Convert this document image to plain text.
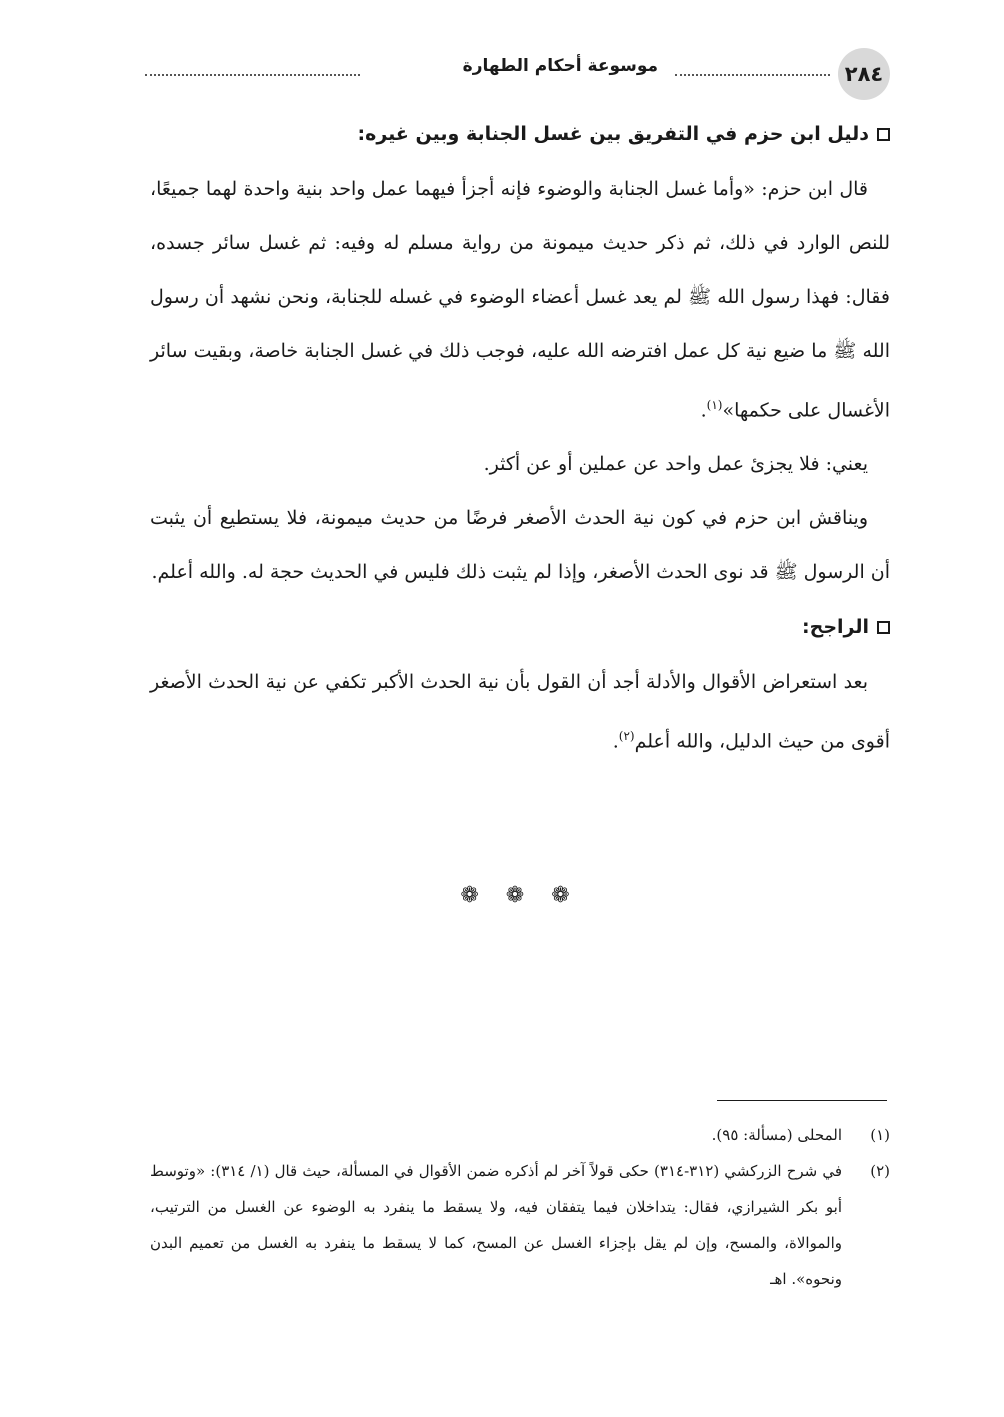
٢٨٤
موسوعة أحكام الطهارة

دليل ابن حزم في التفريق بين غسل الجنابة وبين غيره:

قال ابن حزم: «وأما غسل الجنابة والوضوء فإنه أجزأ فيهما عمل واحد بنية واحدة لهما جميعًا، للنص الوارد في ذلك، ثم ذكر حديث ميمونة من رواية مسلم له وفيه: ثم غسل سائر جسده، فقال: فهذا رسول الله ﷺ لم يعد غسل أعضاء الوضوء في غسله للجنابة، ونحن نشهد أن رسول الله ﷺ ما ضيع نية كل عمل افترضه الله عليه، فوجب ذلك في غسل الجنابة خاصة، وبقيت سائر الأغسال على حكمها»$^{(١)}$.

يعني: فلا يجزئ عمل واحد عن عملين أو عن أكثر.

ويناقش ابن حزم في كون نية الحدث الأصغر فرضًا من حديث ميمونة، فلا يستطيع أن يثبت أن الرسول ﷺ قد نوى الحدث الأصغر، وإذا لم يثبت ذلك فليس في الحديث حجة له. والله أعلم.

الراجح:

بعد استعراض الأقوال والأدلة أجد أن القول بأن نية الحدث الأكبر تكفي عن نية الحدث الأصغر أقوى من حيث الدليل، والله أعلم$^{(٢)}$.

❁ ❁ ❁
(١)
المحلى (مسألة: ٩٥).
(٢)
في شرح الزركشي (٣١٢-٣١٤) حكى قولاً آخر لم أذكره ضمن الأقوال في المسألة، حيث قال (١/ ٣١٤): «وتوسط أبو بكر الشيرازي، فقال: يتداخلان فيما يتفقان فيه، ولا يسقط ما ينفرد به الوضوء عن الغسل من الترتيب، والموالاة، والمسح، وإن لم يقل بإجزاء الغسل عن المسح، كما لا يسقط ما ينفرد به الغسل من تعميم البدن ونحوه». اهـ
